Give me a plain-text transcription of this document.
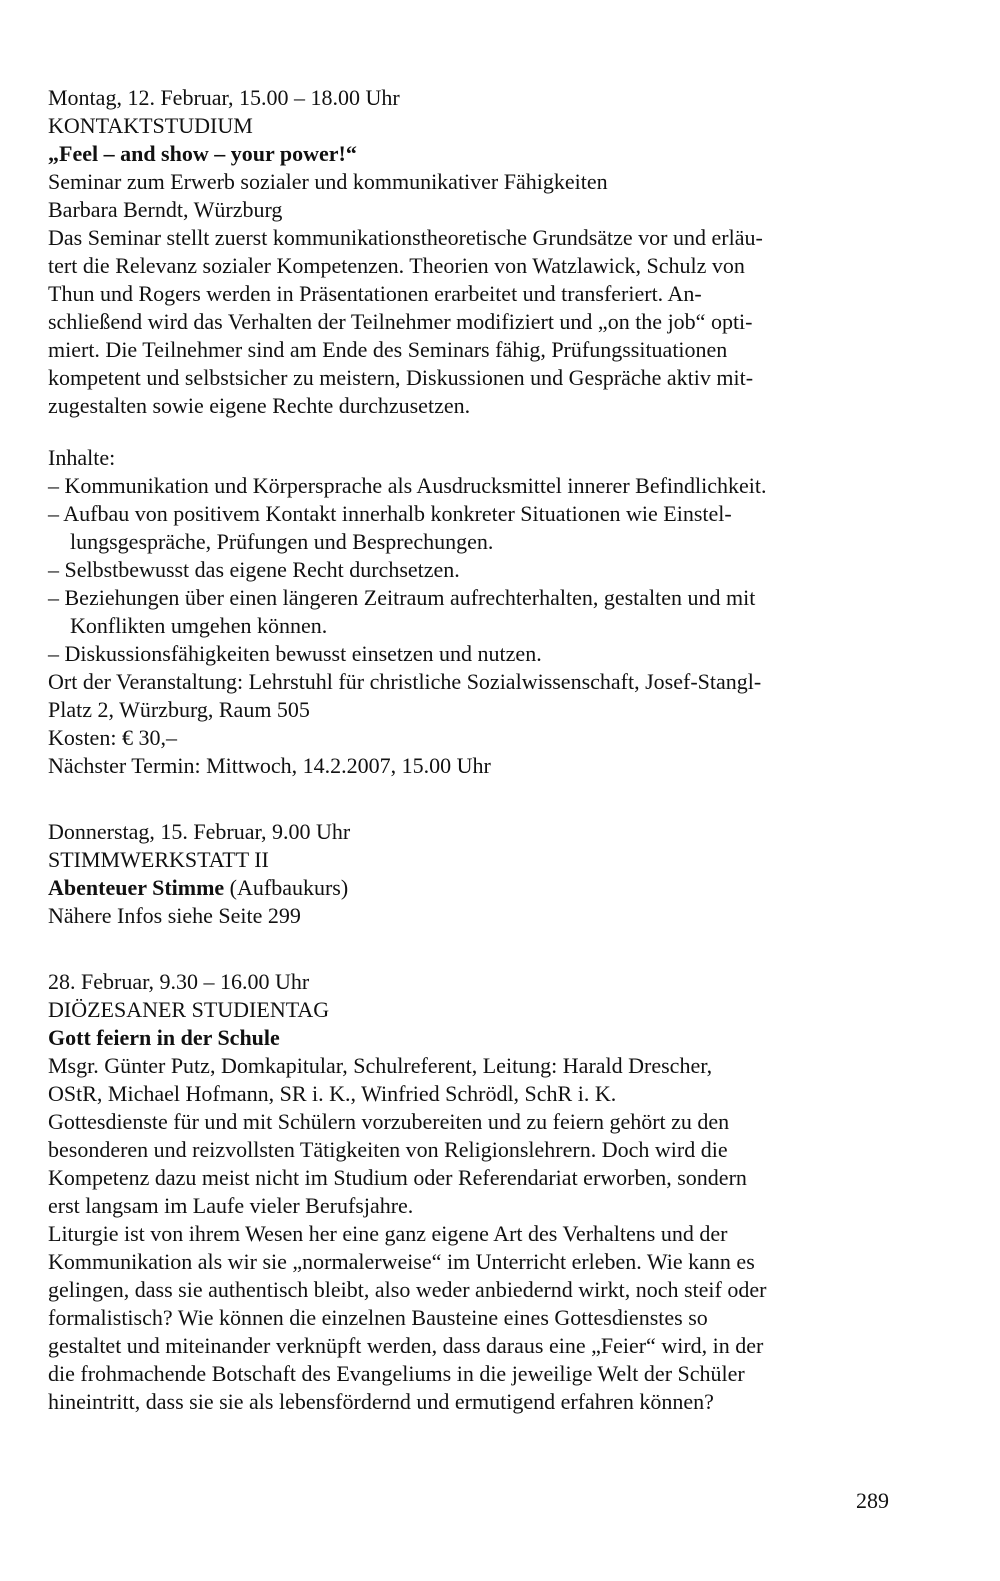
Montag, 12. Februar, 15.00 – 18.00 Uhr
KONTAKTSTUDIUM
„Feel – and show – your power!“
Seminar zum Erwerb sozialer und kommunikativer Fähigkeiten
Barbara Berndt, Würzburg
Das Seminar stellt zuerst kommunikationstheoretische Grundsätze vor und erläu-
tert die Relevanz sozialer Kompetenzen. Theorien von Watzlawick, Schulz von
Thun und Rogers werden in Präsentationen erarbeitet und transferiert. An-
schließend wird das Verhalten der Teilnehmer modifiziert und „on the job“ opti-
miert. Die Teilnehmer sind am Ende des Seminars fähig, Prüfungssituationen
kompetent und selbstsicher zu meistern, Diskussionen und Gespräche aktiv mit-
zugestalten sowie eigene Rechte durchzusetzen.
Inhalte:
– Kommunikation und Körpersprache als Ausdrucksmittel innerer Befindlichkeit.
– Aufbau von positivem Kontakt innerhalb konkreter Situationen wie Einstel-
lungsgespräche, Prüfungen und Besprechungen.
– Selbstbewusst das eigene Recht durchsetzen.
– Beziehungen über einen längeren Zeitraum aufrechterhalten, gestalten und mit
Konflikten umgehen können.
– Diskussionsfähigkeiten bewusst einsetzen und nutzen.
Ort der Veranstaltung: Lehrstuhl für christliche Sozialwissenschaft, Josef-Stangl-
Platz 2, Würzburg, Raum 505
Kosten: € 30,–
Nächster Termin: Mittwoch, 14.2.2007, 15.00 Uhr
Donnerstag, 15. Februar, 9.00 Uhr
STIMMWERKSTATT II
Abenteuer Stimme (Aufbaukurs)
Nähere Infos siehe Seite 299
28. Februar, 9.30 – 16.00 Uhr
DIÖZESANER STUDIENTAG
Gott feiern in der Schule
Msgr. Günter Putz, Domkapitular, Schulreferent, Leitung: Harald Drescher,
OStR, Michael Hofmann, SR i. K., Winfried Schrödl, SchR i. K.
Gottesdienste für und mit Schülern vorzubereiten und zu feiern gehört zu den
besonderen und reizvollsten Tätigkeiten von Religionslehrern. Doch wird die
Kompetenz dazu meist nicht im Studium oder Referendariat erworben, sondern
erst langsam im Laufe vieler Berufsjahre.
Liturgie ist von ihrem Wesen her eine ganz eigene Art des Verhaltens und der
Kommunikation als wir sie „normalerweise“ im Unterricht erleben. Wie kann es
gelingen, dass sie authentisch bleibt, also weder anbiedernd wirkt, noch steif oder
formalistisch? Wie können die einzelnen Bausteine eines Gottesdienstes so
gestaltet und miteinander verknüpft werden, dass daraus eine „Feier“ wird, in der
die frohmachende Botschaft des Evangeliums in die jeweilige Welt der Schüler
hineintritt, dass sie sie als lebensfördernd und ermutigend erfahren können?
289
